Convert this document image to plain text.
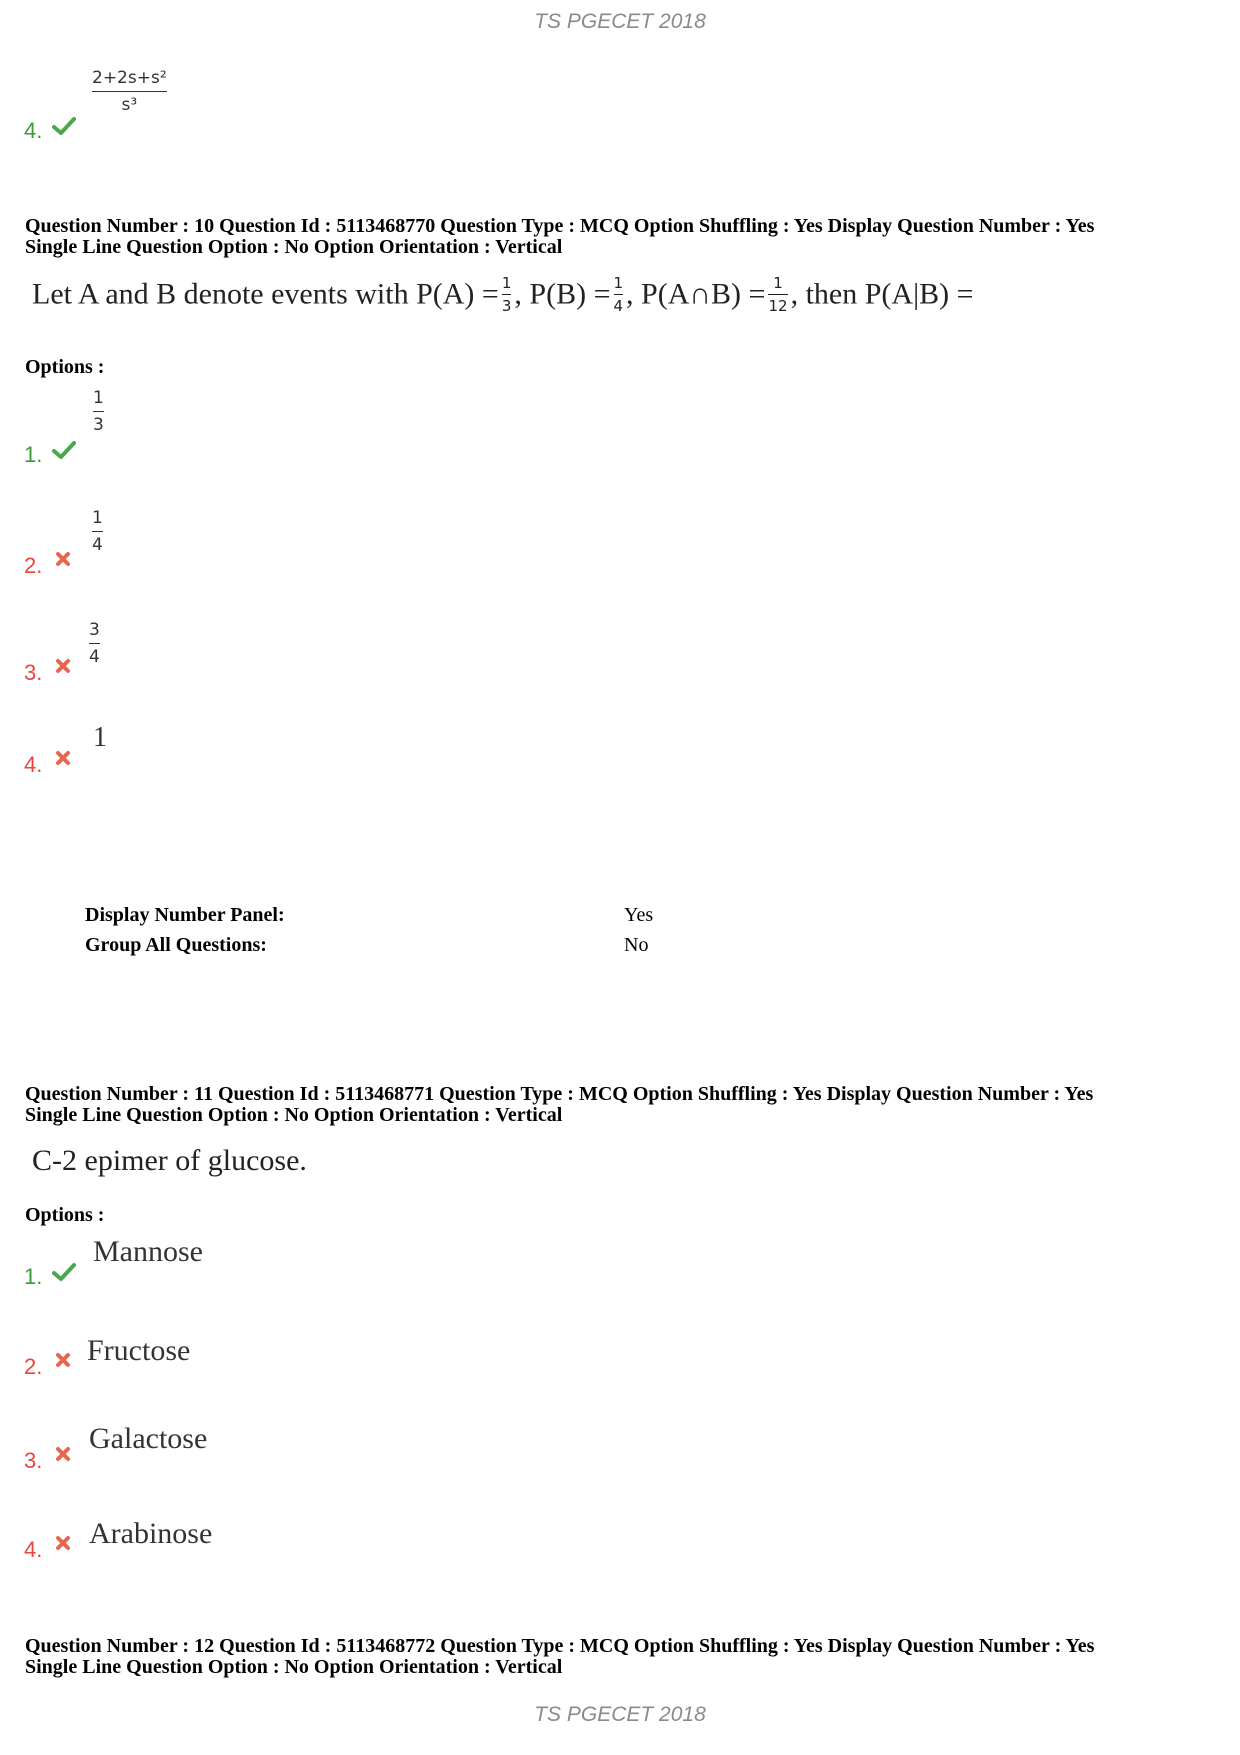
TS PGECET 2018
2+2s+s²
s³
4.
Question Number : 10 Question Id : 5113468770 Question Type : MCQ Option Shuffling : Yes Display Question Number : Yes
Single Line Question Option : No Option Orientation : Vertical
Let A and B denote events with $P(A) = \frac{1}{3}$ , $P(B) = \frac{1}{4}$ , P(A∩B) = $\frac{1}{12}$ , then P(A|B) =
Options :
1
3
1.
1
4
2.
3
4
3.
1
4.
Display Number Panel:	Yes
Group All Questions:	No
Question Number : 11 Question Id : 5113468771 Question Type : MCQ Option Shuffling : Yes Display Question Number : Yes
Single Line Question Option : No Option Orientation : Vertical
C-2 epimer of glucose.
Options :
Mannose
1.
Fructose
2.
Galactose
3.
Arabinose
4.
Question Number : 12 Question Id : 5113468772 Question Type : MCQ Option Shuffling : Yes Display Question Number : Yes
Single Line Question Option : No Option Orientation : Vertical
TS PGECET 2018
